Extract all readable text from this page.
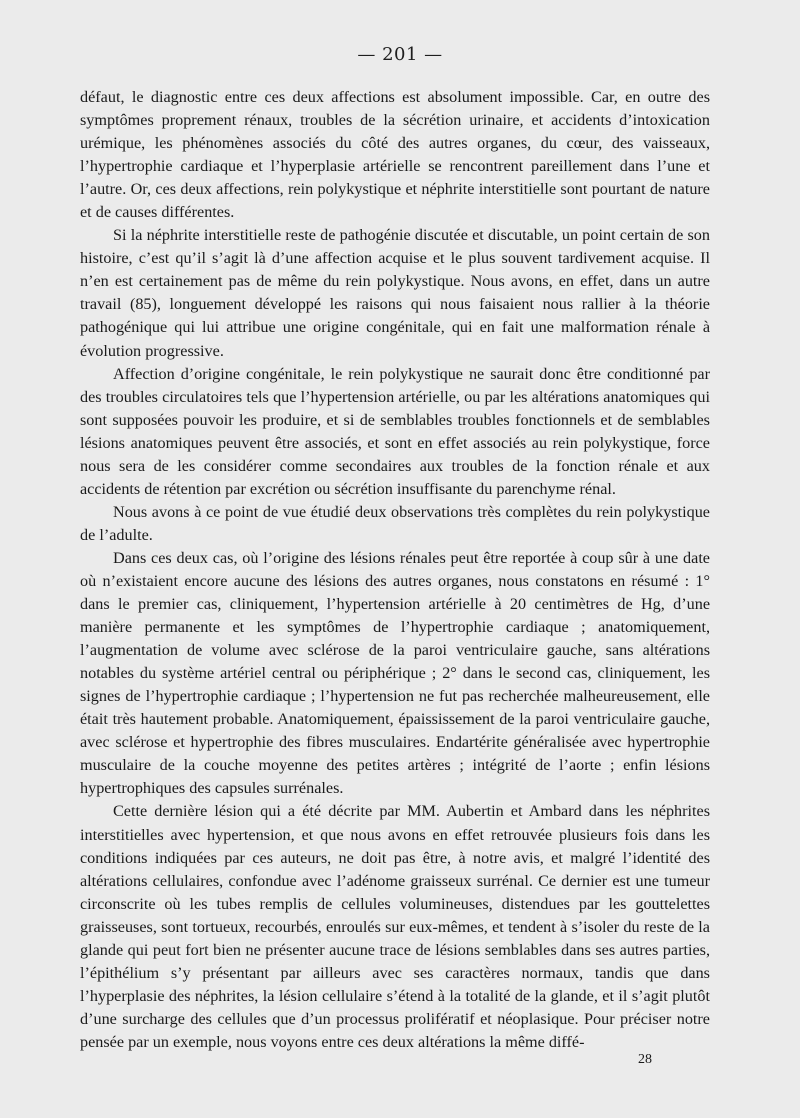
— 201 —

défaut, le diagnostic entre ces deux affections est absolument impossible. Car, en outre des symptômes proprement rénaux, troubles de la sécrétion urinaire, et accidents d’intoxication urémique, les phénomènes associés du côté des autres organes, du cœur, des vaisseaux, l’hypertrophie cardiaque et l’hyperplasie artérielle se rencontrent pareillement dans l’une et l’autre. Or, ces deux affections, rein polykystique et néphrite interstitielle sont pourtant de nature et de causes différentes.

Si la néphrite interstitielle reste de pathogénie discutée et discutable, un point certain de son histoire, c’est qu’il s’agit là d’une affection acquise et le plus souvent tardivement acquise. Il n’en est certainement pas de même du rein polykystique. Nous avons, en effet, dans un autre travail (85), longuement développé les raisons qui nous faisaient nous rallier à la théorie pathogénique qui lui attribue une origine congénitale, qui en fait une malformation rénale à évolution progressive.

Affection d’origine congénitale, le rein polykystique ne saurait donc être conditionné par des troubles circulatoires tels que l’hypertension artérielle, ou par les altérations anatomiques qui sont supposées pouvoir les produire, et si de semblables troubles fonctionnels et de semblables lésions anatomiques peuvent être associés, et sont en effet associés au rein polykystique, force nous sera de les considérer comme secondaires aux troubles de la fonction rénale et aux accidents de rétention par excrétion ou sécrétion insuffisante du parenchyme rénal.

Nous avons à ce point de vue étudié deux observations très complètes du rein polykystique de l’adulte.

Dans ces deux cas, où l’origine des lésions rénales peut être reportée à coup sûr à une date où n’existaient encore aucune des lésions des autres organes, nous constatons en résumé : 1° dans le premier cas, cliniquement, l’hypertension artérielle à 20 centimètres de Hg, d’une manière permanente et les symptômes de l’hypertrophie cardiaque ; anatomiquement, l’augmentation de volume avec sclérose de la paroi ventriculaire gauche, sans altérations notables du système artériel central ou périphérique ; 2° dans le second cas, cliniquement, les signes de l’hypertrophie cardiaque ; l’hypertension ne fut pas recherchée malheureusement, elle était très hautement probable. Anatomiquement, épaississement de la paroi ventriculaire gauche, avec sclérose et hypertrophie des fibres musculaires. Endartérite généralisée avec hypertrophie musculaire de la couche moyenne des petites artères ; intégrité de l’aorte ; enfin lésions hypertrophiques des capsules surrénales.

Cette dernière lésion qui a été décrite par MM. Aubertin et Ambard dans les néphrites interstitielles avec hypertension, et que nous avons en effet retrouvée plusieurs fois dans les conditions indiquées par ces auteurs, ne doit pas être, à notre avis, et malgré l’identité des altérations cellulaires, confondue avec l’adénome graisseux surrénal. Ce dernier est une tumeur circonscrite où les tubes remplis de cellules volumineuses, distendues par les gouttelettes graisseuses, sont tortueux, recourbés, enroulés sur eux-mêmes, et tendent à s’isoler du reste de la glande qui peut fort bien ne présenter aucune trace de lésions semblables dans ses autres parties, l’épithélium s’y présentant par ailleurs avec ses caractères normaux, tandis que dans l’hyperplasie des néphrites, la lésion cellulaire s’étend à la totalité de la glande, et il s’agit plutôt d’une surcharge des cellules que d’un processus prolifératif et néoplasique. Pour préciser notre pensée par un exemple, nous voyons entre ces deux altérations la même diffé-

28
